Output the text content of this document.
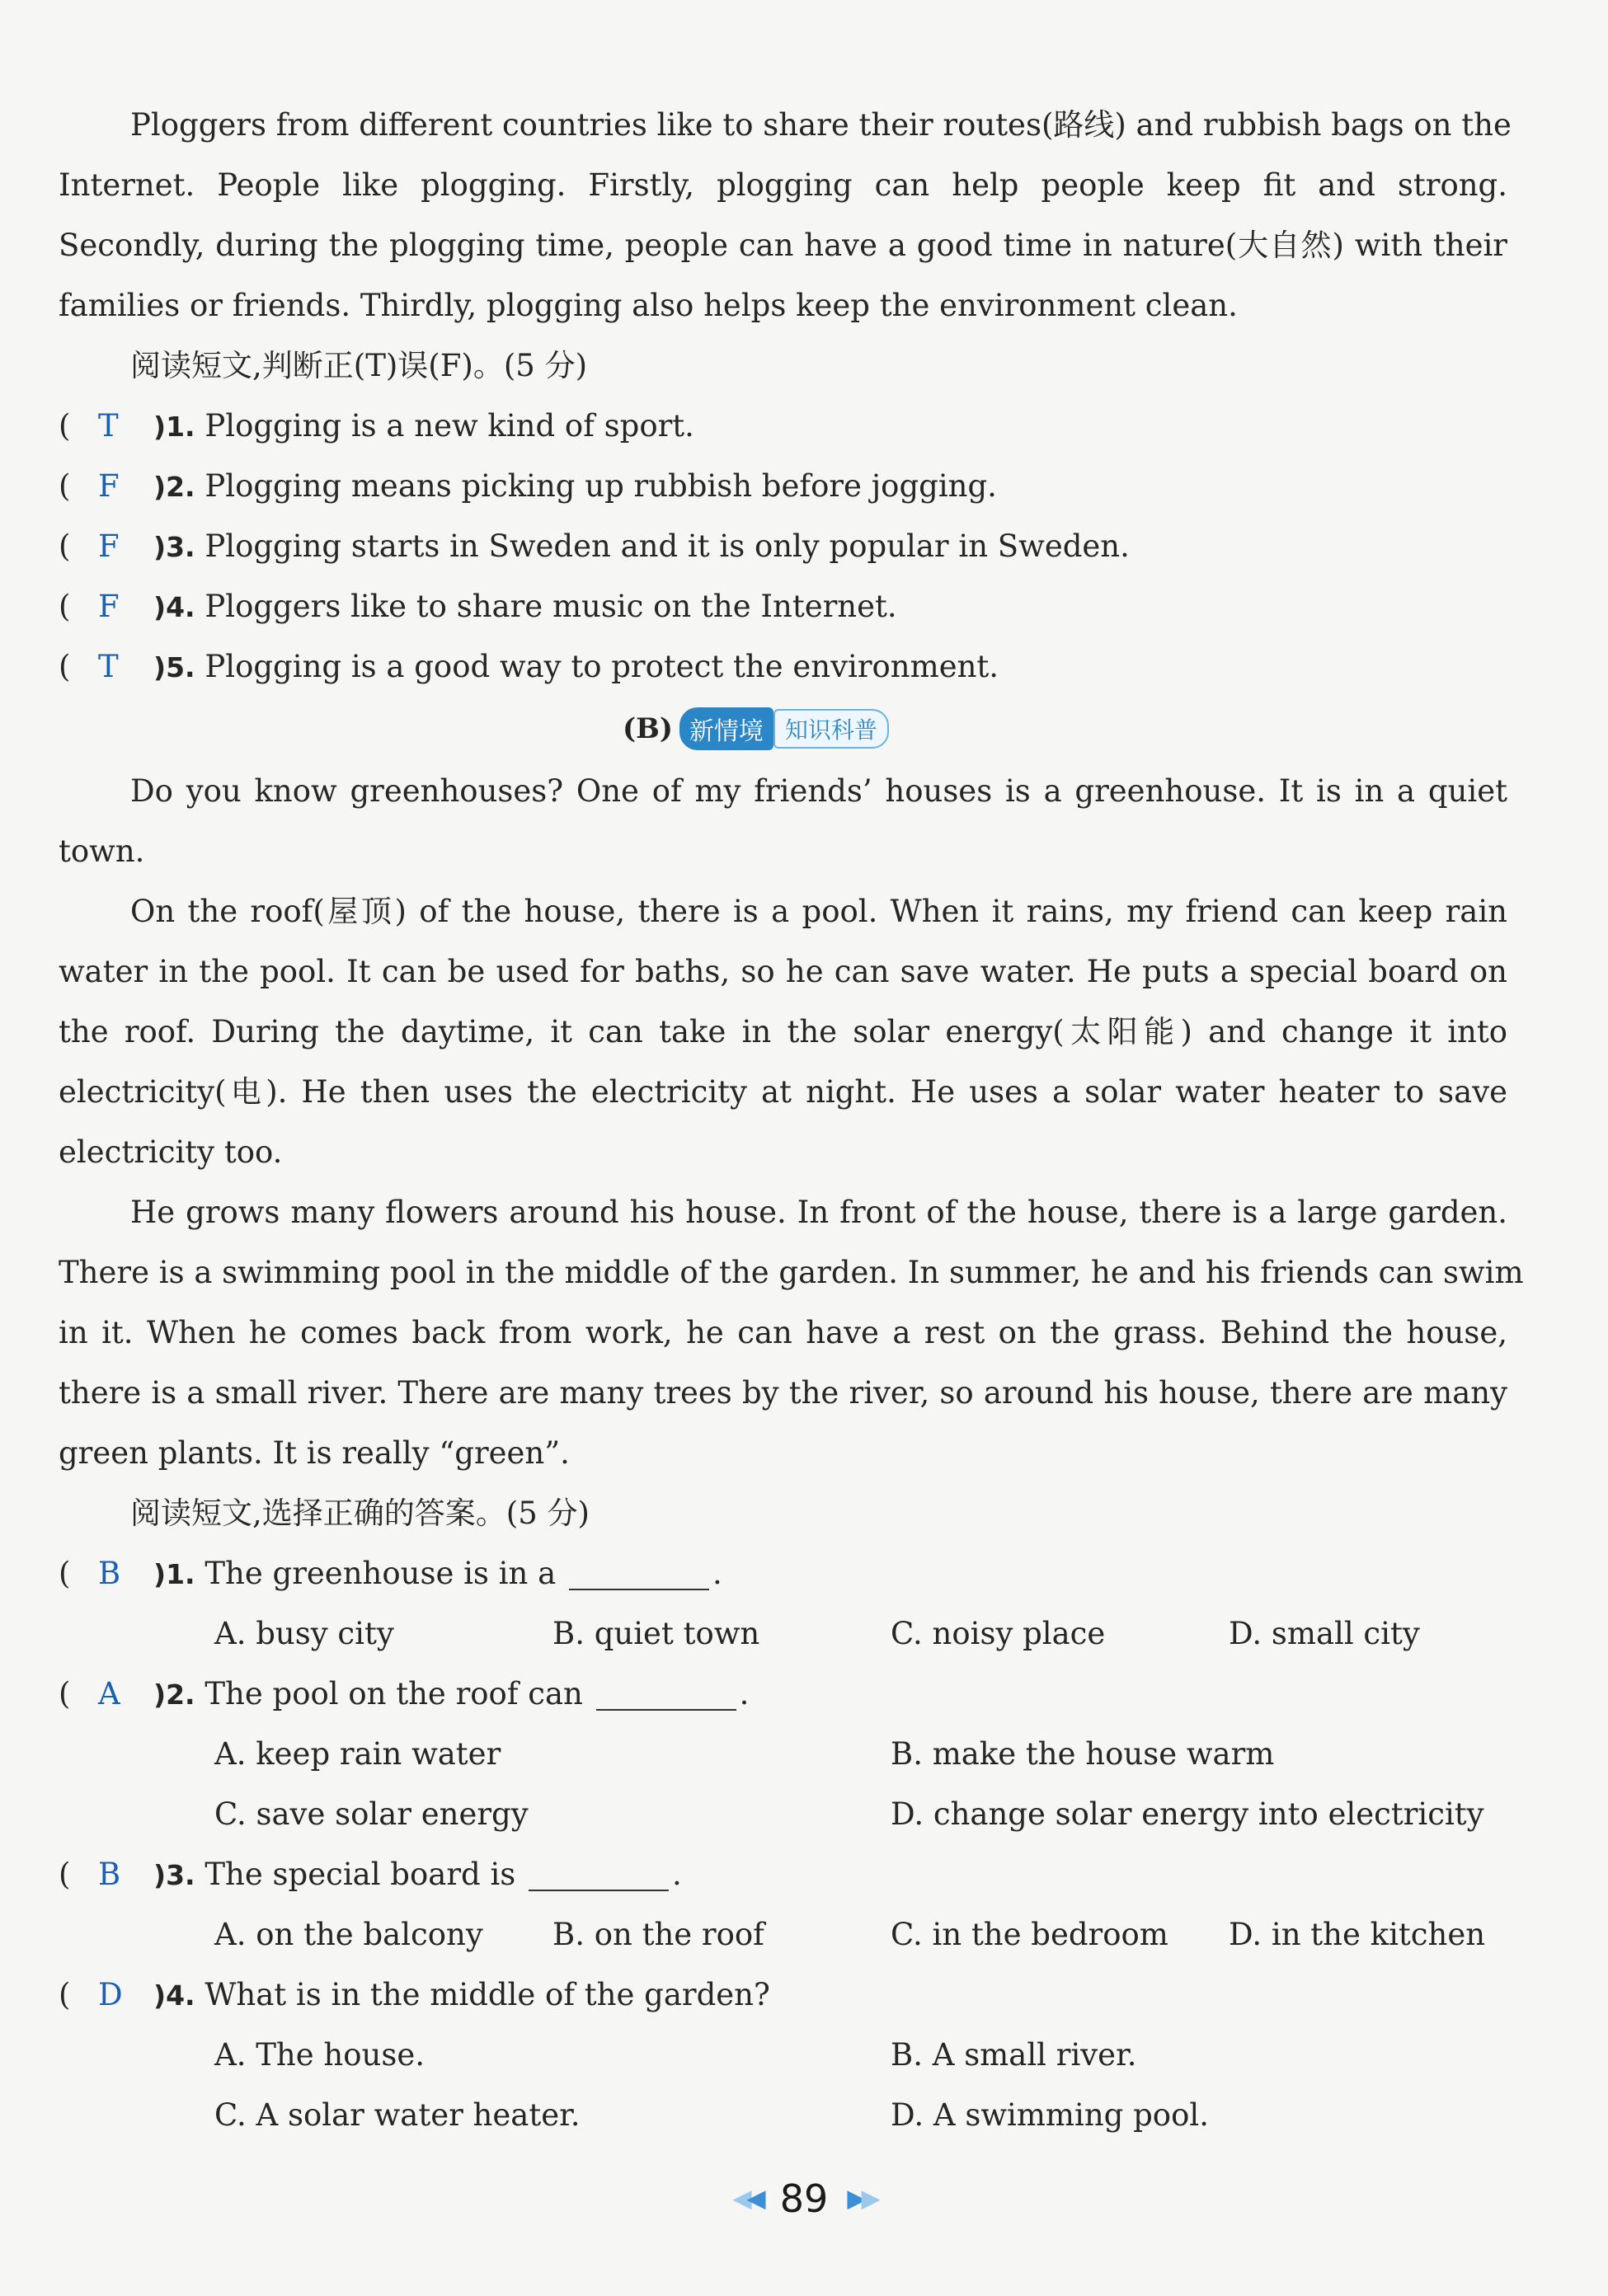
Ploggers from different countries like to share their routes(路线) and rubbish bags on the
Internet. People like plogging. Firstly, plogging can help people keep fit and strong.
Secondly, during the plogging time, people can have a good time in nature(大自然) with their
families or friends. Thirdly, plogging also helps keep the environment clean.
阅读短文,判断正(T)误(F)。(5 分)
( T )1. Plogging is a new kind of sport.
( F )2. Plogging means picking up rubbish before jogging.
( F )3. Plogging starts in Sweden and it is only popular in Sweden.
( F )4. Ploggers like to share music on the Internet.
( T )5. Plogging is a good way to protect the environment.
(B) 新情境 知识科普
Do you know greenhouses? One of my friends’ houses is a greenhouse. It is in a quiet
town.
On the roof(屋顶) of the house, there is a pool. When it rains, my friend can keep rain
water in the pool. It can be used for baths, so he can save water. He puts a special board on
the roof. During the daytime, it can take in the solar energy(太阳能) and change it into
electricity(电). He then uses the electricity at night. He uses a solar water heater to save
electricity too.
He grows many flowers around his house. In front of the house, there is a large garden.
There is a swimming pool in the middle of the garden. In summer, he and his friends can swim
in it. When he comes back from work, he can have a rest on the grass. Behind the house,
there is a small river. There are many trees by the river, so around his house, there are many
green plants. It is really “green”.
阅读短文,选择正确的答案。(5 分)
( B )1. The greenhouse is in a	.
A. busy city	B. quiet town	C. noisy place	D. small city
( A )2. The pool on the roof can	.
A. keep rain water	B. make the house warm
C. save solar energy	D. change solar energy into electricity
( B )3. The special board is	.
A. on the balcony B. on the roof	C. in the bedroom D. in the kitchen
( D )4. What is in the middle of the garden?
A. The house.	B. A small river.
C. A solar water heater.	D. A swimming pool.
◀◀ 89 ▶▶
